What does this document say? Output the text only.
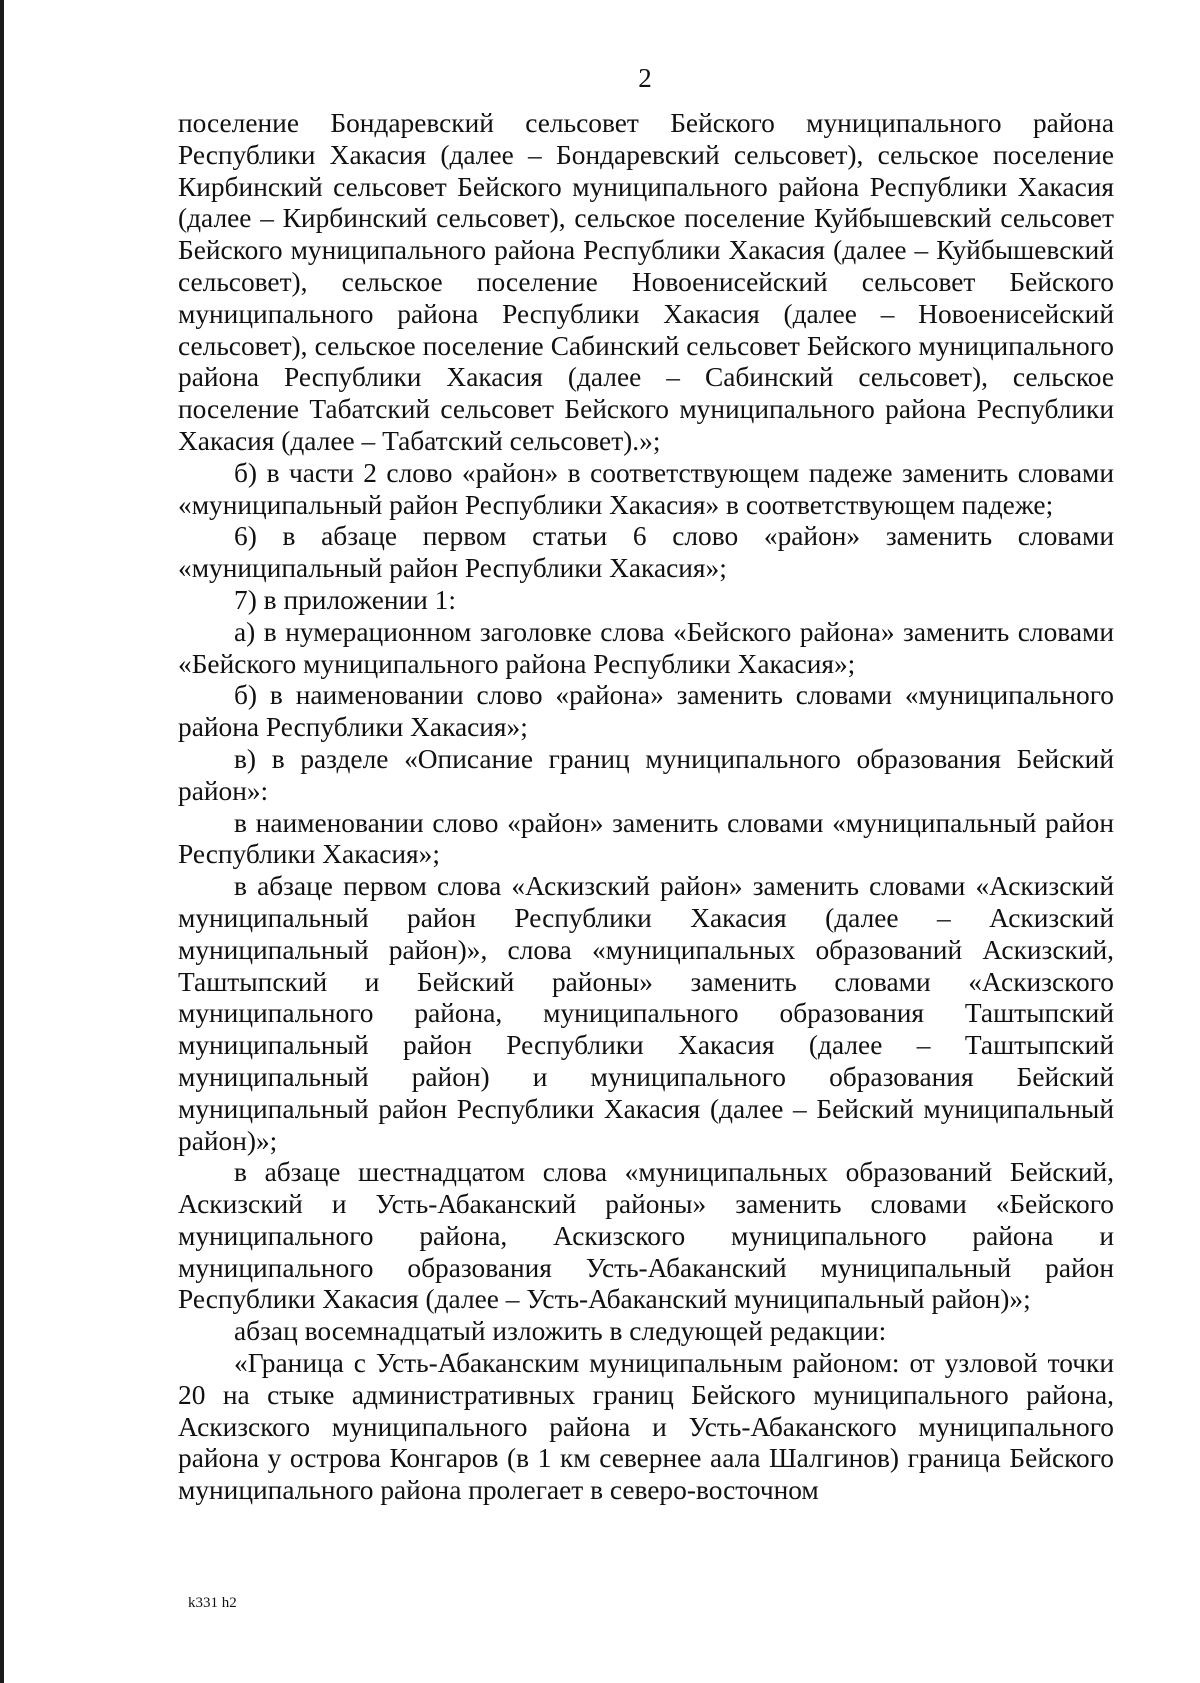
2

поселение Бондаревский сельсовет Бейского муниципального района Республики Хакасия (далее – Бондаревский сельсовет), сельское поселение Кирбинский сельсовет Бейского муниципального района Республики Хакасия (далее – Кирбинский сельсовет), сельское поселение Куйбышевский сельсовет Бейского муниципального района Республики Хакасия (далее – Куйбышевский сельсовет), сельское поселение Новоенисейский сельсовет Бейского муниципального района Республики Хакасия (далее – Новоенисейский сельсовет), сельское поселение Сабинский сельсовет Бейского муниципального района Республики Хакасия (далее – Сабинский сельсовет), сельское поселение Табатский сельсовет Бейского муниципального района Республики Хакасия (далее – Табатский сельсовет).»;

б) в части 2 слово «район» в соответствующем падеже заменить словами «муниципальный район Республики Хакасия» в соответствующем падеже;

6) в абзаце первом статьи 6 слово «район» заменить словами «муниципальный район Республики Хакасия»;

7) в приложении 1:

а) в нумерационном заголовке слова «Бейского района» заменить словами «Бейского муниципального района Республики Хакасия»;

б) в наименовании слово «района» заменить словами «муниципального района Республики Хакасия»;

в) в разделе «Описание границ муниципального образования Бейский район»:

в наименовании слово «район» заменить словами «муниципальный район Республики Хакасия»;

в абзаце первом слова «Аскизский район» заменить словами «Аскизский муниципальный район Республики Хакасия (далее – Аскизский муниципальный район)», слова «муниципальных образований Аскизский, Таштыпский и Бейский районы» заменить словами «Аскизского муниципального района, муниципального образования Таштыпский муниципальный район Республики Хакасия (далее – Таштыпский муниципальный район) и муниципального образования Бейский муниципальный район Республики Хакасия (далее – Бейский муниципальный район)»;

в абзаце шестнадцатом слова «муниципальных образований Бейский, Аскизский и Усть-Абаканский районы» заменить словами «Бейского муниципального района, Аскизского муниципального района и муниципального образования Усть-Абаканский муниципальный район Республики Хакасия (далее – Усть-Абаканский муниципальный район)»;

абзац восемнадцатый изложить в следующей редакции:

«Граница с Усть-Абаканским муниципальным районом: от узловой точки 20 на стыке административных границ Бейского муниципального района, Аскизского муниципального района и Усть-Абаканского муниципального района у острова Конгаров (в 1 км севернее аала Шалгинов) граница Бейского муниципального района пролегает в северо-восточном

k331 h2
